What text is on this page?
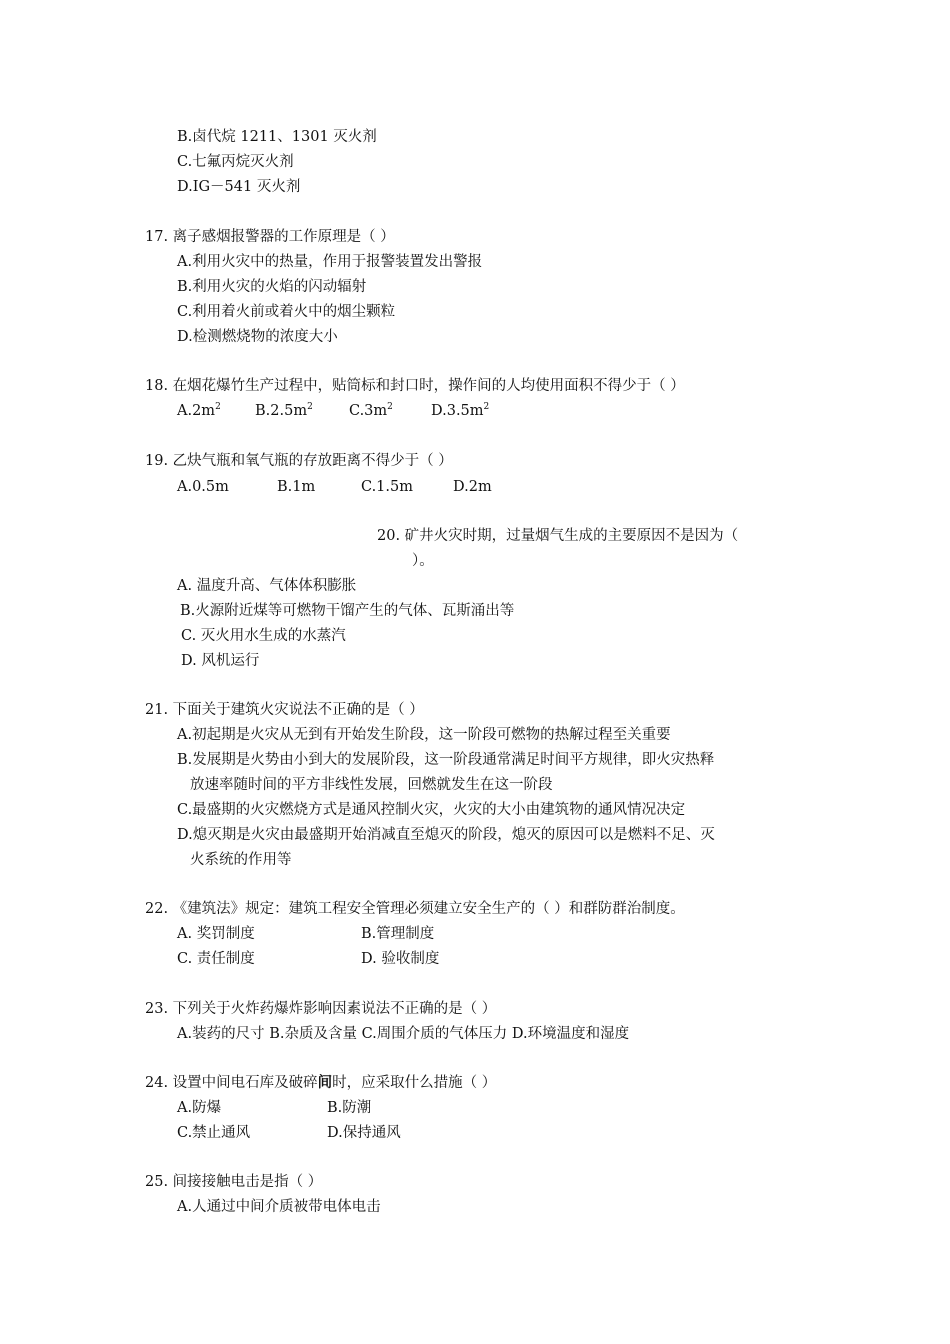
B.卤代烷 1211、1301 灭火剂
C.七氟丙烷灭火剂
D.IG－541 灭火剂
17. 离子感烟报警器的工作原理是（ ）
A.利用火灾中的热量，作用于报警装置发出警报
B.利用火灾的火焰的闪动辐射
C.利用着火前或着火中的烟尘颗粒
D.检测燃烧物的浓度大小
18. 在烟花爆竹生产过程中，贴筒标和封口时，操作间的人均使用面积不得少于（ ）
$A.2m^2$ $B.2.5m^2$ $C.3m^2$	$D.3.5m^2$
19. 乙炔气瓶和氧气瓶的存放距离不得少于（ ）
A.0.5m	B.1m	C.1.5m	D.2m
20. 矿井火灾时期，过量烟气生成的主要原因不是因为（
）。
A. 温度升高、气体体积膨胀
B.火源附近煤等可燃物干馏产生的气体、瓦斯涌出等
C. 灭火用水生成的水蒸汽
D. 风机运行
21. 下面关于建筑火灾说法不正确的是（ ）
A.初起期是火灾从无到有开始发生阶段，这一阶段可燃物的热解过程至关重要
B.发展期是火势由小到大的发展阶段，这一阶段通常满足时间平方规律，即火灾热释
放速率随时间的平方非线性发展，回燃就发生在这一阶段
C.最盛期的火灾燃烧方式是通风控制火灾，火灾的大小由建筑物的通风情况决定
D.熄灭期是火灾由最盛期开始消减直至熄灭的阶段，熄灭的原因可以是燃料不足、灭
火系统的作用等
22. 《建筑法》规定：建筑工程安全管理必须建立安全生产的（ ）和群防群治制度。
A. 奖罚制度	B.管理制度
C. 责任制度	D. 验收制度
23. 下列关于火炸药爆炸影响因素说法不正确的是（ ）
A.装药的尺寸 B.杂质及含量 C.周围介质的气体压力 D.环境温度和湿度
24. 设置中间电石库及破碎间时，应采取什么措施（ ）
A.防爆	B.防潮
C.禁止通风	D.保持通风
25. 间接接触电击是指（ ）
A.人通过中间介质被带电体电击
